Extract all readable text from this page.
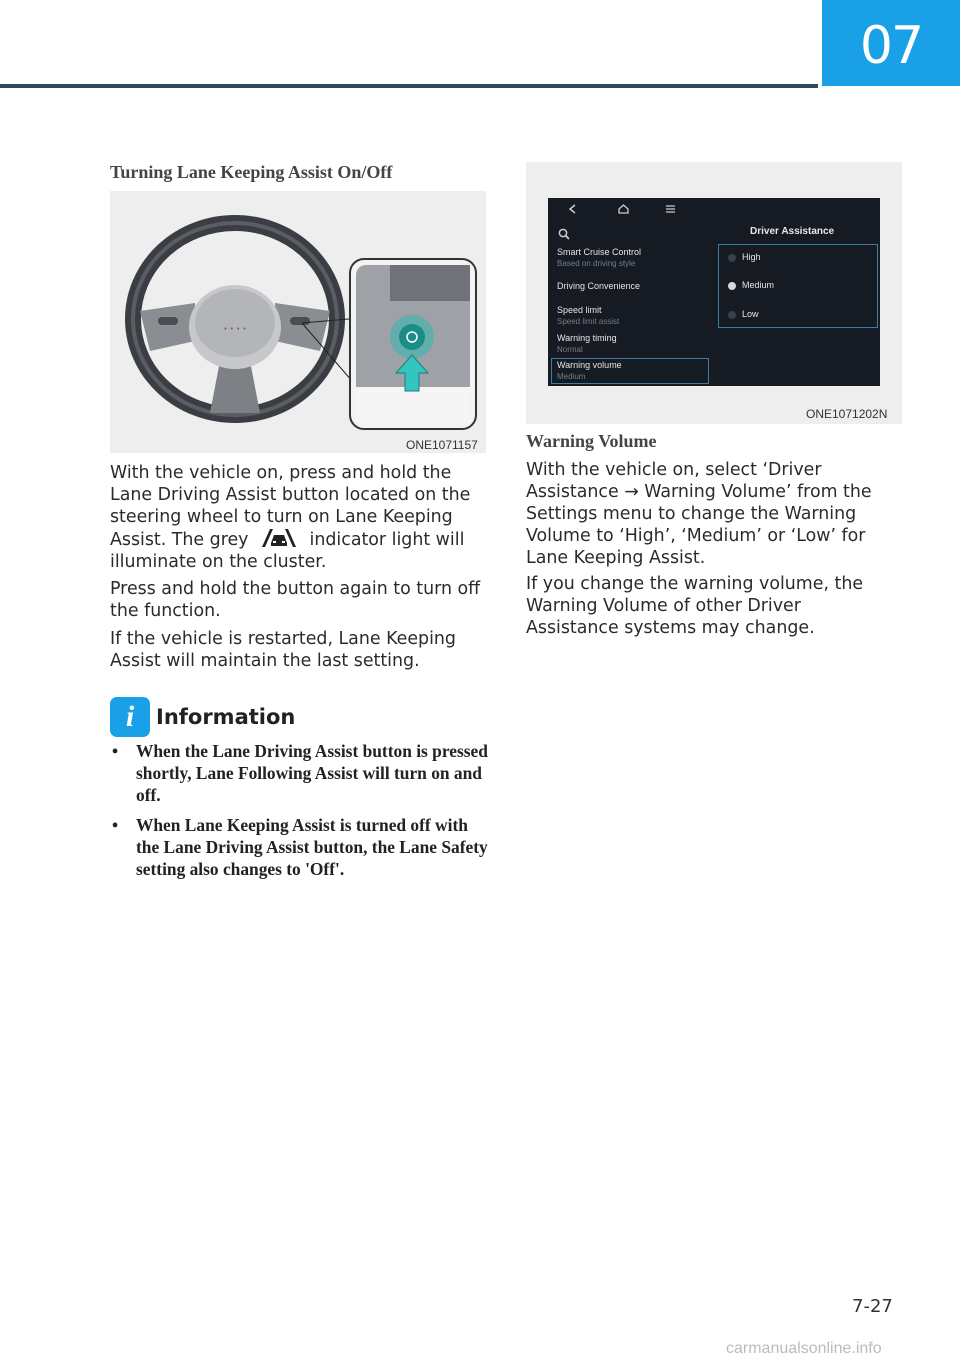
07
Turning Lane Keeping Assist On/Off
• • • •
ONE1071157

With the vehicle on, press and hold the Lane Driving Assist button located on the steering wheel to turn on Lane Keeping Assist. The grey	indicator light will illuminate on the cluster.

Press and hold the button again to turn off the function.

If the vehicle is restarted, Lane Keeping Assist will maintain the last setting.

i	Information
• When the Lane Driving Assist button is pressed shortly, Lane Following Assist will turn on and off.
• When Lane Keeping Assist is turned off with the Lane Driving Assist button, the Lane Safety setting also changes to 'Off'.
Driver Assistance
Smart Cruise Control
Based on driving style
Driving Convenience
Speed limit
Speed limit assist
Warning timing
Normal
Warning volume
Medium
High
Medium
Low
ONE1071202N
Warning Volume

With the vehicle on, select ‘Driver Assistance → Warning Volume’ from the Settings menu to change the Warning Volume to ‘High’, ‘Medium’ or ‘Low’ for Lane Keeping Assist.

If you change the warning volume, the Warning Volume of other Driver Assistance systems may change.

7-27
carmanualsonline.info
